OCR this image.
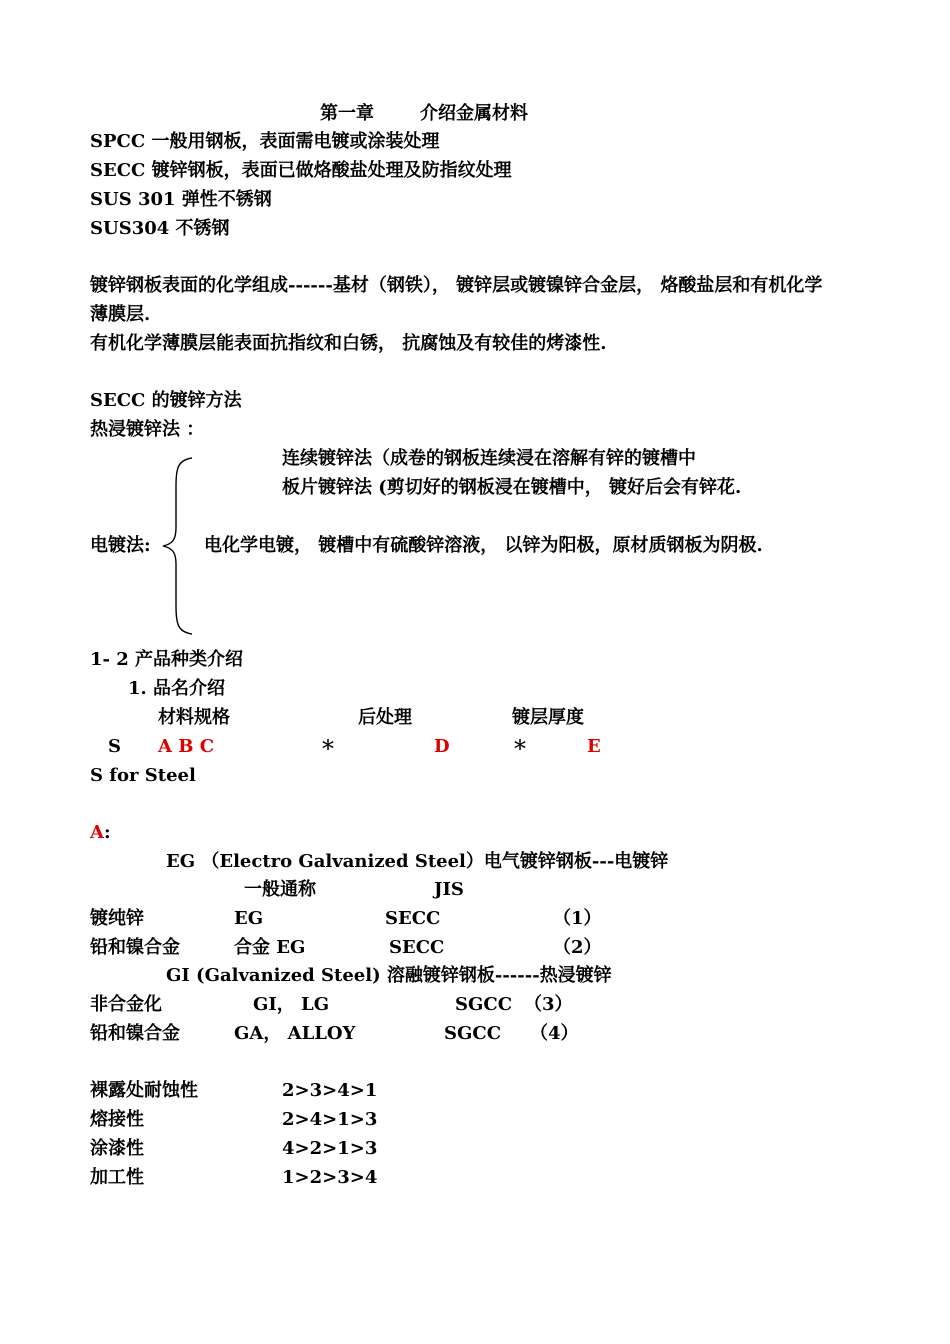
第一章	介绍金属材料
SPCC 一般用钢板，表面需电镀或涂装处理
SECC 镀锌钢板，表面已做烙酸盐处理及防指纹处理
SUS 301 弹性不锈钢
SUS304 不锈钢
镀锌钢板表面的化学组成------基材（钢铁）， 镀锌层或镀镍锌合金层， 烙酸盐层和有机化学
薄膜层.
有机化学薄膜层能表面抗指纹和白锈， 抗腐蚀及有较佳的烤漆性.
SECC 的镀锌方法
热浸镀锌法 ：
连续镀锌法（成卷的钢板连续浸在溶解有锌的镀槽中
板片镀锌法 (剪切好的钢板浸在镀槽中， 镀好后会有锌花.
电镀法:	电化学电镀， 镀槽中有硫酸锌溶液， 以锌为阳极，原材质钢板为阴极.
1- 2 产品种类介绍
1. 品名介绍
材料规格	后处理	镀层厚度
S A B C	*	D	*	E
S for Steel
A:
EG （Electro Galvanized Steel）电气镀锌钢板---电镀锌
一般通称	JIS
镀纯锌	EG	SECC	（1）
铅和镍合金	合金 EG	SECC	（2）
GI (Galvanized Steel) 溶融镀锌钢板------热浸镀锌
非合金化	GI， LG	SGCC （3）
铅和镍合金	GA， ALLOY	SGCC （4）
裸露处耐蚀性	2>3>4>1
熔接性	2>4>1>3
涂漆性	4>2>1>3
加工性	1>2>3>4
